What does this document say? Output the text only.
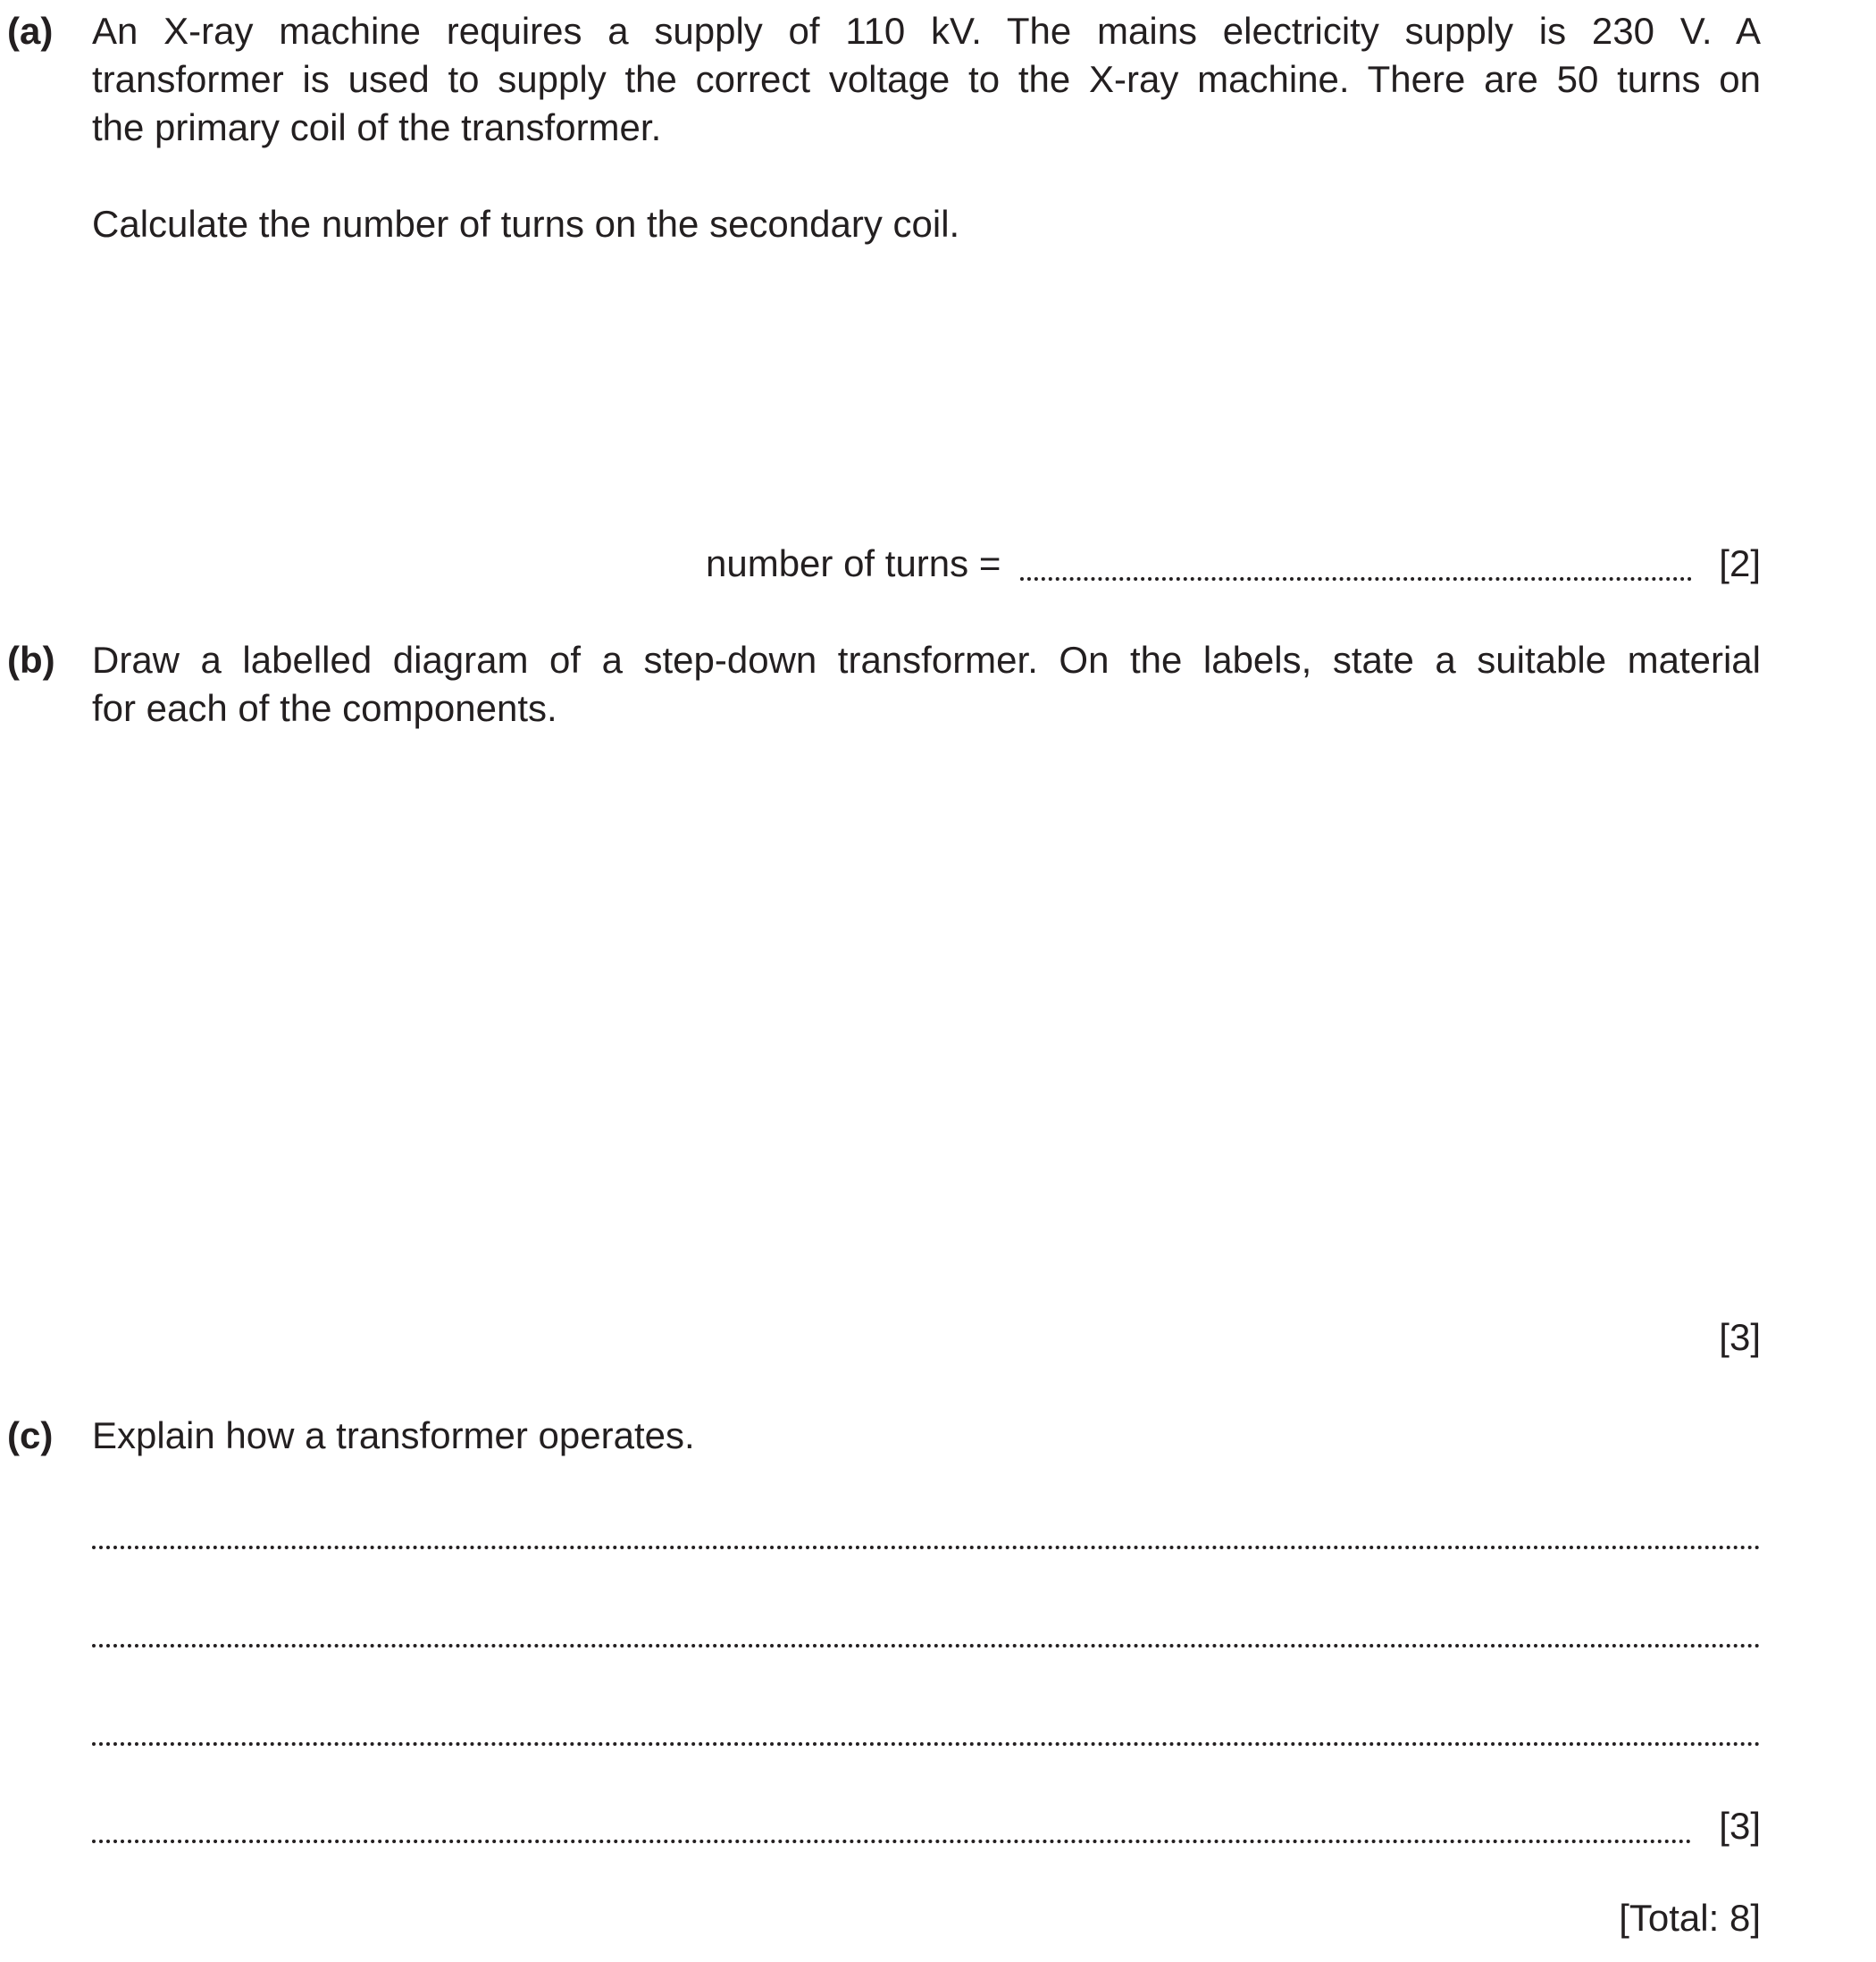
(a) An X-ray machine requires a supply of 110 kV. The mains electricity supply is 230 V. A
transformer is used to supply the correct voltage to the X-ray machine. There are 50 turns on
the primary coil of the transformer.
Calculate the number of turns on the secondary coil.
number of turns =	[2]
(b) Draw a labelled diagram of a step-down transformer. On the labels, state a suitable material
for each of the components.
[3]
(c) Explain how a transformer operates.
[3]
[Total: 8]
